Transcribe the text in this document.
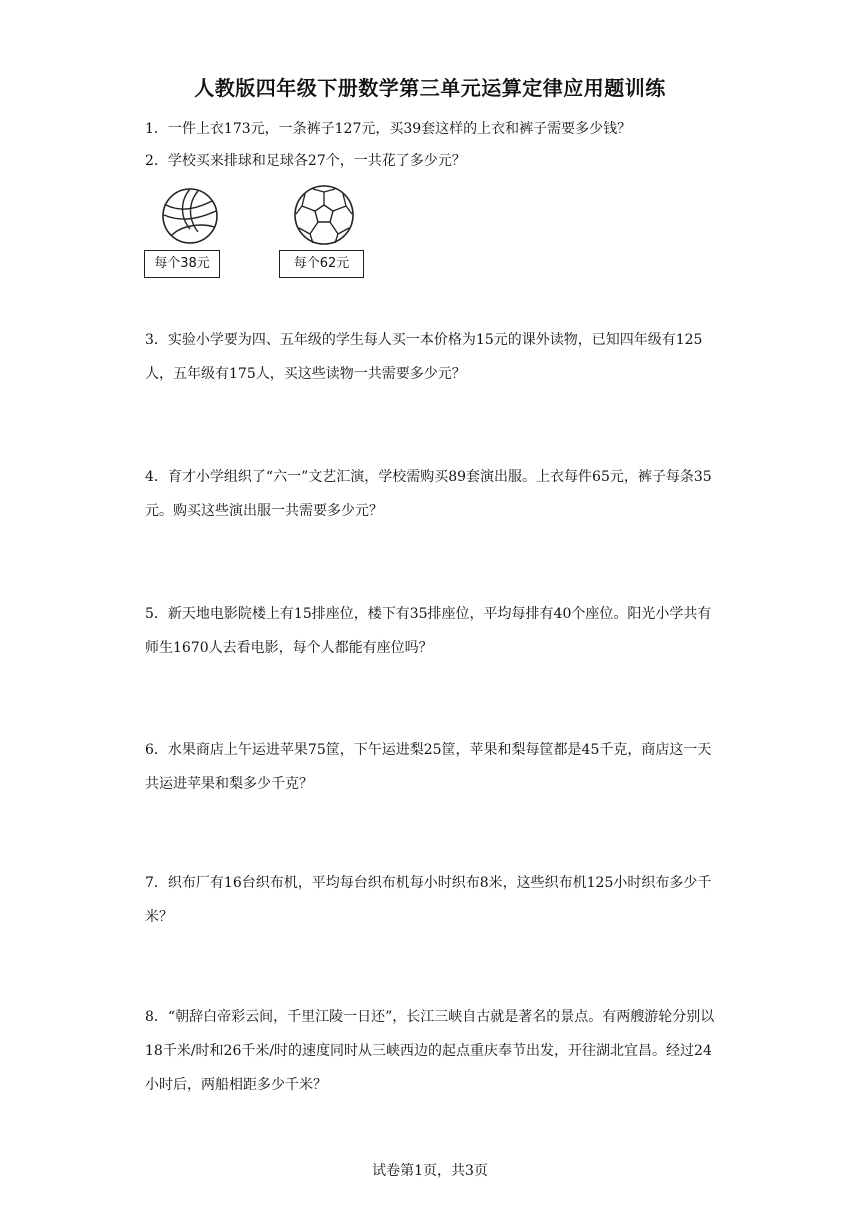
人教版四年级下册数学第三单元运算定律应用题训练
1．一件上衣173元，一条裤子127元，买39套这样的上衣和裤子需要多少钱？
2．学校买来排球和足球各27个，一共花了多少元？
每个38元	每个62元
3．实验小学要为四、五年级的学生每人买一本价格为15元的课外读物，已知四年级有125人，五年级有175人，买这些读物一共需要多少元？
4．育才小学组织了“六一”文艺汇演，学校需购买89套演出服。上衣每件65元，裤子每条35元。购买这些演出服一共需要多少元？
5．新天地电影院楼上有15排座位，楼下有35排座位，平均每排有40个座位。阳光小学共有师生1670人去看电影，每个人都能有座位吗？
6．水果商店上午运进苹果75筐，下午运进梨25筐，苹果和梨每筐都是45千克，商店这一天共运进苹果和梨多少千克？
7．织布厂有16台织布机，平均每台织布机每小时织布8米，这些织布机125小时织布多少千米？
8．“朝辞白帝彩云间，千里江陵一日还”，长江三峡自古就是著名的景点。有两艘游轮分别以18千米/时和26千米/时的速度同时从三峡西边的起点重庆奉节出发，开往湖北宜昌。经过24小时后，两船相距多少千米？
试卷第1页，共3页
